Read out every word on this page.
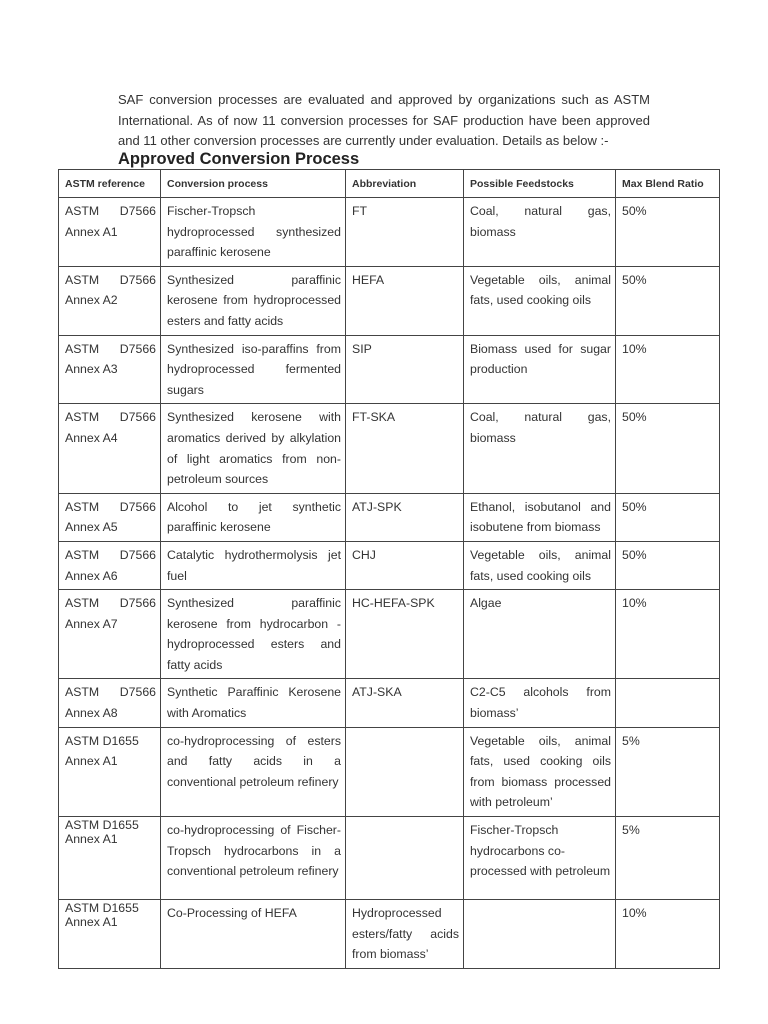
SAF conversion processes are evaluated and approved by organizations such as ASTM International. As of now 11 conversion processes for SAF production have been approved and 11 other conversion processes are currently under evaluation. Details as below :-
Approved Conversion Process
ASTM reference	Conversion process	Abbreviation	Possible Feedstocks	Max Blend Ratio
ASTM D7566 Annex A1	Fischer-Tropsch hydroprocessed synthesized paraffinic kerosene	FT	Coal, natural gas, biomass	50%
ASTM D7566 Annex A2	Synthesized paraffinic kerosene from hydroprocessed esters and fatty acids	HEFA	Vegetable oils, animal fats, used cooking oils	50%
ASTM D7566 Annex A3	Synthesized iso-paraffins from hydroprocessed fermented sugars	SIP	Biomass used for sugar production	10%
ASTM D7566 Annex A4	Synthesized kerosene with aromatics derived by alkylation of light aromatics from non-petroleum sources	FT-SKA	Coal, natural gas, biomass	50%
ASTM D7566 Annex A5	Alcohol to jet synthetic paraffinic kerosene	ATJ-SPK	Ethanol, isobutanol and isobutene from biomass	50%
ASTM D7566 Annex A6	Catalytic hydrothermolysis jet fuel	CHJ	Vegetable oils, animal fats, used cooking oils	50%
ASTM D7566 Annex A7	Synthesized paraffinic kerosene from hydrocarbon - hydroprocessed esters and fatty acids	HC-HEFA-SPK	Algae	10%
ASTM D7566 Annex A8	Synthetic Paraffinic Kerosene with Aromatics	ATJ-SKA	C2-C5 alcohols from biomass’	
ASTM D1655 Annex A1	co-hydroprocessing of esters and fatty acids in a conventional petroleum refinery		Vegetable oils, animal fats, used cooking oils from biomass processed with petroleum’	5%
ASTM D1655 Annex A1	co-hydroprocessing of Fischer-Tropsch hydrocarbons in a conventional petroleum refinery		Fischer-Tropsch hydrocarbons co-processed with petroleum	5%
ASTM D1655 Annex A1	Co-Processing of HEFA	Hydroprocessed esters/fatty acids from biomass’		10%
